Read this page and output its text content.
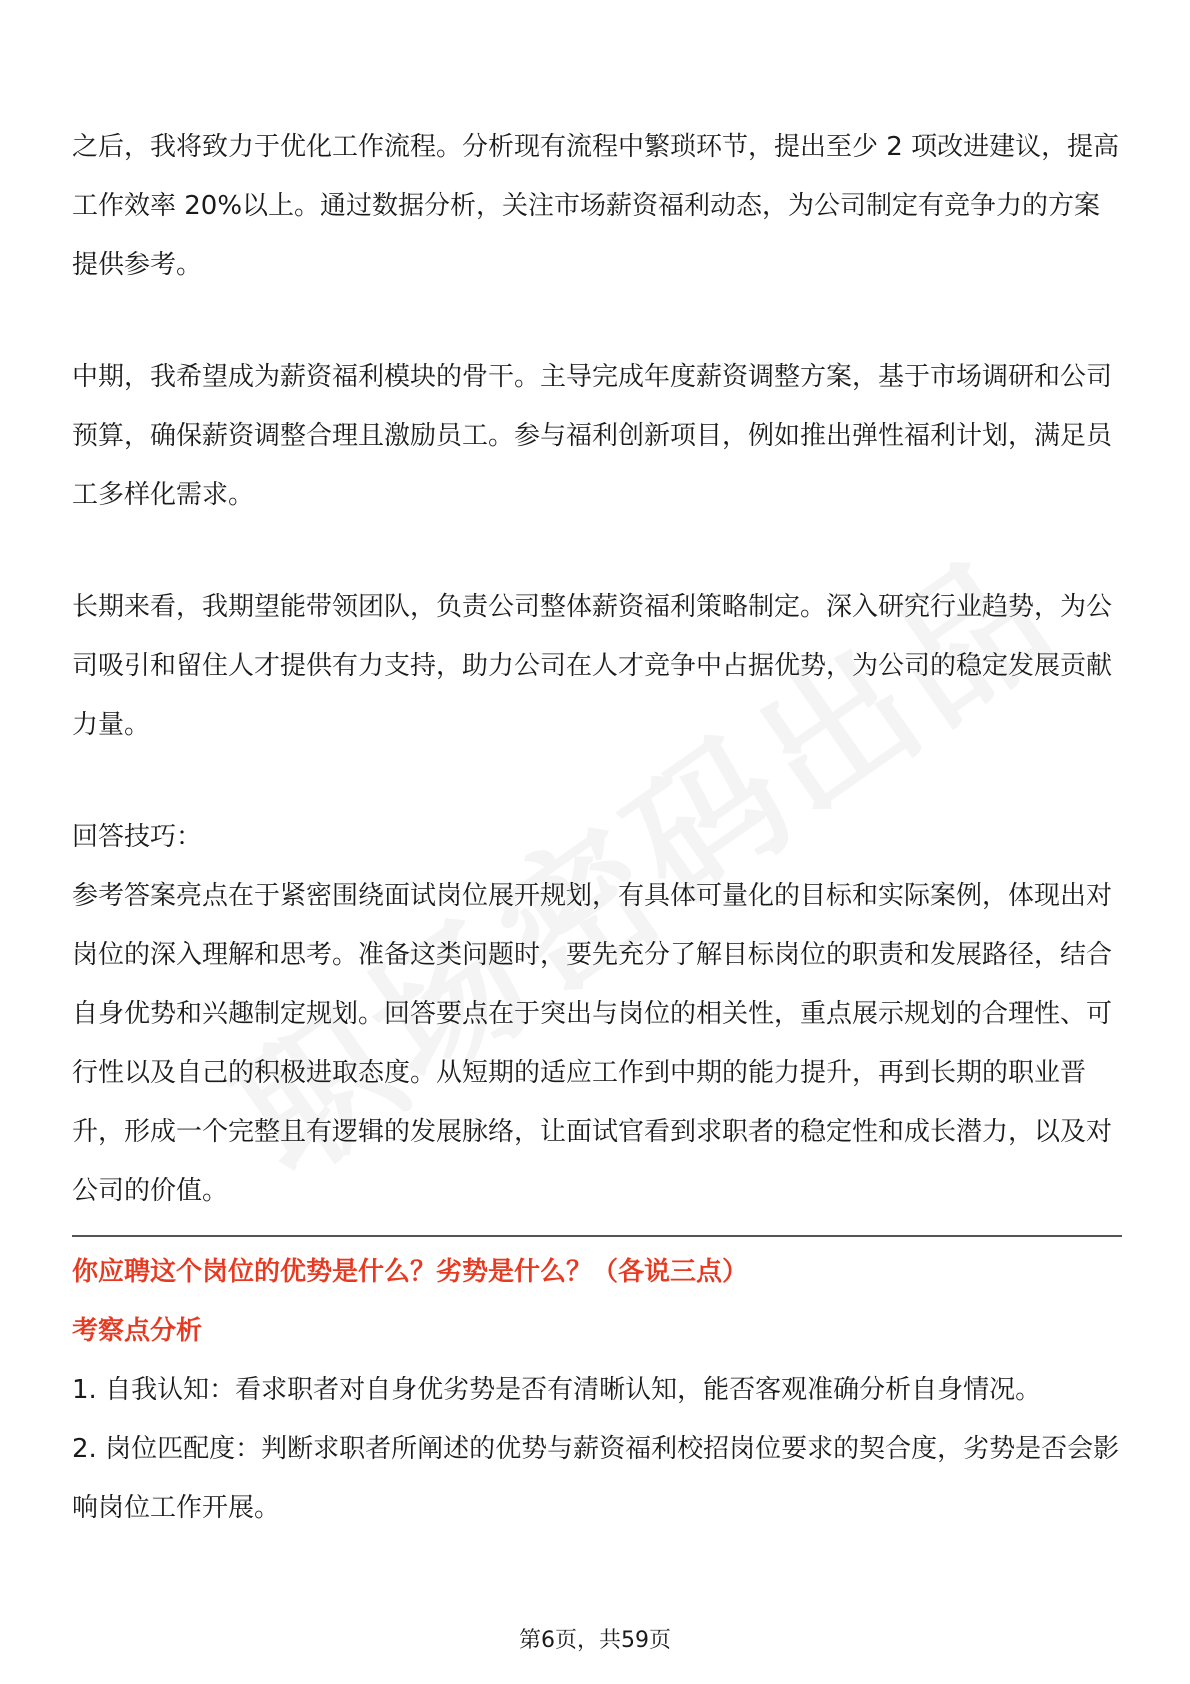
之后，我将致力于优化工作流程。分析现有流程中繁琐环节，提出至少 2 项改进建议，提高工作效率 20%以上。通过数据分析，关注市场薪资福利动态，为公司制定有竞争力的方案提供参考。

中期，我希望成为薪资福利模块的骨干。主导完成年度薪资调整方案，基于市场调研和公司预算，确保薪资调整合理且激励员工。参与福利创新项目，例如推出弹性福利计划，满足员工多样化需求。

长期来看，我期望能带领团队，负责公司整体薪资福利策略制定。深入研究行业趋势，为公司吸引和留住人才提供有力支持，助力公司在人才竞争中占据优势，为公司的稳定发展贡献力量。

回答技巧：

参考答案亮点在于紧密围绕面试岗位展开规划，有具体可量化的目标和实际案例，体现出对岗位的深入理解和思考。准备这类问题时，要先充分了解目标岗位的职责和发展路径，结合自身优势和兴趣制定规划。回答要点在于突出与岗位的相关性，重点展示规划的合理性、可行性以及自己的积极进取态度。从短期的适应工作到中期的能力提升，再到长期的职业晋升，形成一个完整且有逻辑的发展脉络，让面试官看到求职者的稳定性和成长潜力，以及对公司的价值。

你应聘这个岗位的优势是什么？劣势是什么？（各说三点）

考察点分析

1. 自我认知：看求职者对自身优劣势是否有清晰认知，能否客观准确分析自身情况。

2. 岗位匹配度：判断求职者所阐述的优势与薪资福利校招岗位要求的契合度，劣势是否会影响岗位工作开展。

第6页，共59页
